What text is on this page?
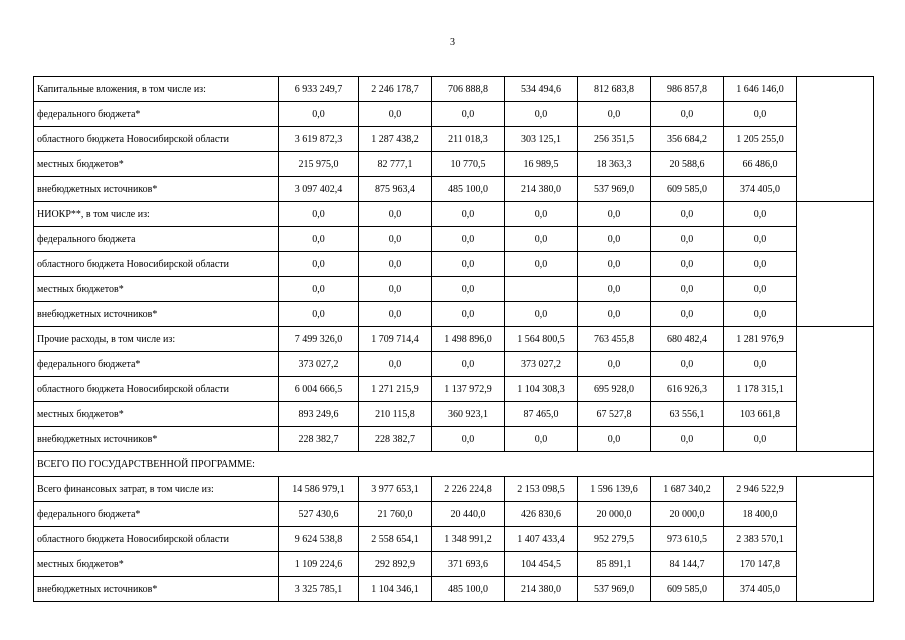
3
Капитальные вложения, в том числе из:	6 933 249,7	2 246 178,7	706 888,8	534 494,6	812 683,8	986 857,8	1 646 146,0	
федерального бюджета*	0,0	0,0	0,0	0,0	0,0	0,0	0,0	
областного бюджета Новосибирской области	3 619 872,3	1 287 438,2	211 018,3	303 125,1	256 351,5	356 684,2	1 205 255,0	
местных бюджетов*	215 975,0	82 777,1	10 770,5	16 989,5	18 363,3	20 588,6	66 486,0	
внебюджетных источников*	3 097 402,4	875 963,4	485 100,0	214 380,0	537 969,0	609 585,0	374 405,0	
НИОКР**, в том числе из:	0,0	0,0	0,0	0,0	0,0	0,0	0,0	
федерального бюджета	0,0	0,0	0,0	0,0	0,0	0,0	0,0	
областного бюджета Новосибирской области	0,0	0,0	0,0	0,0	0,0	0,0	0,0	
местных бюджетов*	0,0	0,0	0,0		0,0	0,0	0,0	
внебюджетных источников*	0,0	0,0	0,0	0,0	0,0	0,0	0,0	
Прочие расходы, в том числе из:	7 499 326,0	1 709 714,4	1 498 896,0	1 564 800,5	763 455,8	680 482,4	1 281 976,9	
федерального бюджета*	373 027,2	0,0	0,0	373 027,2	0,0	0,0	0,0	
областного бюджета Новосибирской области	6 004 666,5	1 271 215,9	1 137 972,9	1 104 308,3	695 928,0	616 926,3	1 178 315,1	
местных бюджетов*	893 249,6	210 115,8	360 923,1	87 465,0	67 527,8	63 556,1	103 661,8	
внебюджетных источников*	228 382,7	228 382,7	0,0	0,0	0,0	0,0	0,0	
ВСЕГО ПО ГОСУДАРСТВЕННОЙ ПРОГРАММЕ:								
Всего финансовых затрат, в том числе из:	14 586 979,1	3 977 653,1	2 226 224,8	2 153 098,5	1 596 139,6	1 687 340,2	2 946 522,9	
федерального бюджета*	527 430,6	21 760,0	20 440,0	426 830,6	20 000,0	20 000,0	18 400,0	
областного бюджета Новосибирской области	9 624 538,8	2 558 654,1	1 348 991,2	1 407 433,4	952 279,5	973 610,5	2 383 570,1	
местных бюджетов*	1 109 224,6	292 892,9	371 693,6	104 454,5	85 891,1	84 144,7	170 147,8	
внебюджетных источников*	3 325 785,1	1 104 346,1	485 100,0	214 380,0	537 969,0	609 585,0	374 405,0	
